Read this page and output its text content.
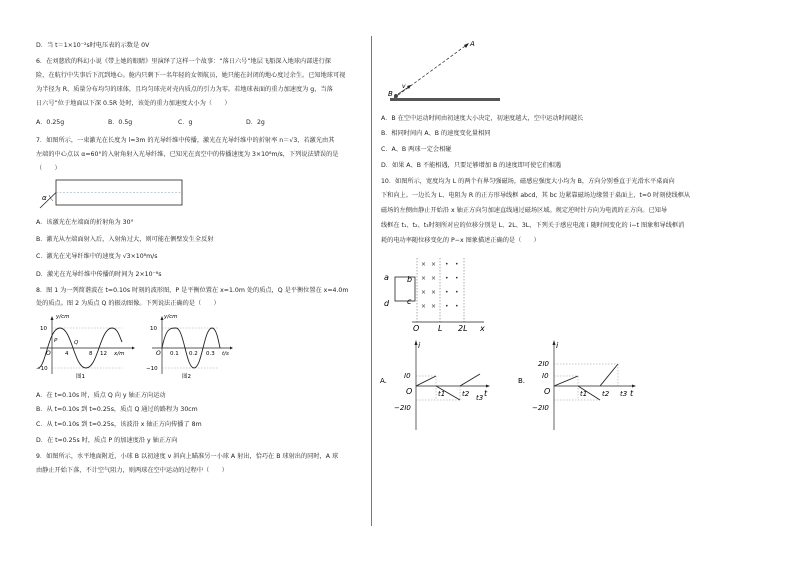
D．当 t＝1×10⁻²s时电压表的示数是 0V
6．在刘慈欣的科幻小说《带上她的眼睛》里演绎了这样一个故事：“落日六号”地层飞船深入地球内部进行探
险，在航行中失事后下沉到地心。舱内只剩下一名年轻的女领航员，她只能在封闭的地心度过余生。已知地球可视
为半径为 R、质量分布均匀的球体，且均匀球壳对壳内质点的引力为零。若地球表面的重力加速度为 g，当落
日六号”位于地面以下深 0.5R 处时，该处的重力加速度大小为（　　）
A．0.25g	B．0.5g	C．g	D．2g
7．如图所示，一束激光在长度为 l=3m 的光导纤维中传播，激光在光导纤维中的折射率 n＝√3，若激光由其
左端的中心点以 α=60°的入射角射入光导纤维，已知光在真空中的传播速度为 3×10⁸m/s，下列说法错误的是
（　　）
α
A．该激光在左端面的折射角为 30°
B．激光从左端面射入后，入射角过大，则可能在侧壁发生全反射
C．激光在光导纤维中的速度为 √3×10⁸m/s
D．激光在光导纤维中传播的时间为 2×10⁻⁸s
8．图 1 为一列简谐波在 t=0.10s 时刻的波形图，P 是平衡位置在 x=1.0m 处的质点，Q 是平衡位置在 x=4.0m
处的质点。图 2 为质点 Q 的振动图像。下列说法正确的是（　　）
y/cm
10
−10
4	8 12 x/m
O
P	Q
图1
y/cm
10
−10
0.1 0.2 0.3 t/s
O
图2
A．在 t=0.10s 时，质点 Q 向 y 轴正方向运动
B．从 t=0.10s 到 t=0.25s，质点 Q 通过的路程为 30cm
C．从 t=0.10s 到 t=0.25s，该波沿 x 轴正方向传播了 8m
D．在 t=0.25s 时，质点 P 的加速度沿 y 轴正方向
9．如图所示，水平地面附近，小球 B 以初速度 v 斜向上瞄准另一小球 A 射出，恰巧在 B 球射出的同时，A 球
由静止开始下落，不计空气阻力，则两球在空中运动的过程中（　　）
A
B
v
A．B 在空中运动时间由初速度大小决定，初速度越大，空中运动时间越长
B．相同时间内 A、B 的速度变化量相同
C．A、B 两球一定会相碰
D．如果 A、B 不能相遇，只要足够增加 B 的速度即可使它们相遇
10．如图所示，宽度均为 L 的两个有界匀强磁场，磁感应强度大小均为 B，方向分别垂直于光滑水平桌面向
下和向上。一边长为 L、电阻为 R 的正方形导线框 abcd，其 bc 边紧靠磁场边缘置于桌面上，t=0 时刻使线框从
磁场的左侧由静止开始沿 x 轴正方向匀加速直线通过磁场区域。规定逆时针方向为电流的正方向。已知导
线框在 t₁、t₂、t₃时刻所对应的位移分别是 L、2L、3L，下列关于感应电流 i 随时间变化的 i−t 图象和导线框消
耗的电功率随位移变化的 P−x 图象描述正确的是（　　）
a b
c
d
O L 2L x
× ×
× ×
× ×
× ×
• •
• •
• •
• •
A.
i
t
O
I0
−2I0
t1 t2 t3
B.
i
t
O
2I0
I0
−2I0
t1 t2 t3
